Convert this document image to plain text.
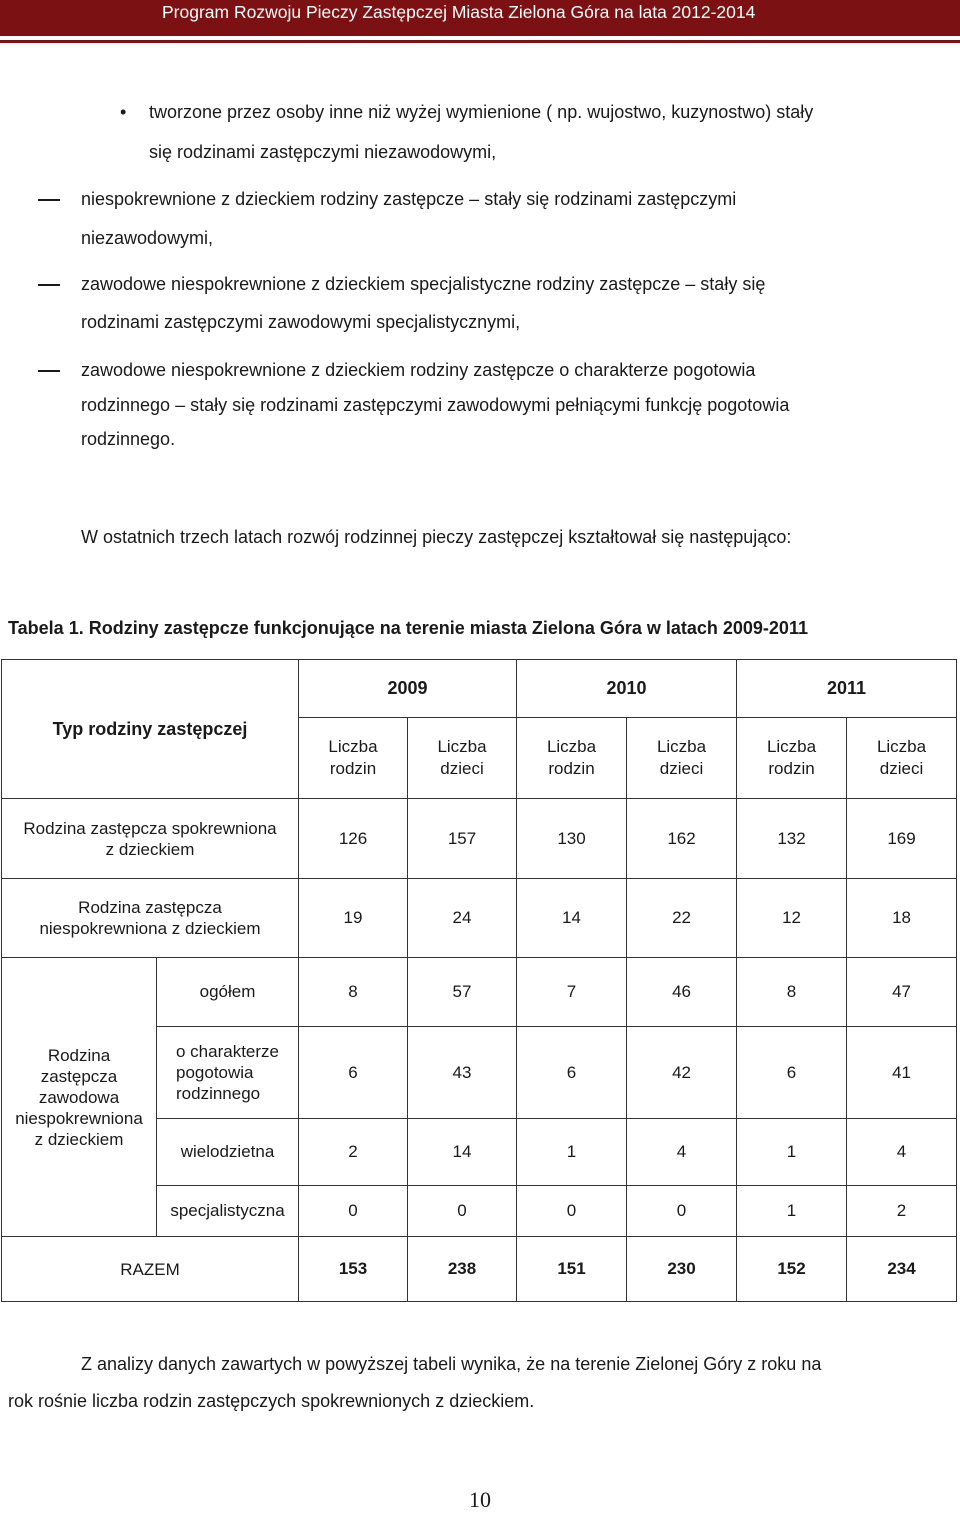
Program Rozwoju Pieczy Zastępczej Miasta Zielona Góra na lata 2012-2014
• tworzone przez osoby inne niż wyżej wymienione ( np. wujostwo, kuzynostwo) stały
się rodzinami zastępczymi niezawodowymi,
niespokrewnione z dzieckiem rodziny zastępcze – stały się rodzinami zastępczymi
niezawodowymi,
zawodowe niespokrewnione z dzieckiem specjalistyczne rodziny zastępcze – stały się
rodzinami zastępczymi zawodowymi specjalistycznymi,
zawodowe niespokrewnione z dzieckiem rodziny zastępcze o charakterze pogotowia
rodzinnego – stały się rodzinami zastępczymi zawodowymi pełniącymi funkcję pogotowia
rodzinnego.
W ostatnich trzech latach rozwój rodzinnej pieczy zastępczej kształtował się następująco:
Tabela 1. Rodziny zastępcze funkcjonujące na terenie miasta Zielona Góra w latach 2009-2011
Typ rodziny zastępczej		2009		2010		2011	

		Liczba
rodzin	Liczba
dzieci	Liczba
rodzin	Liczba
dzieci	Liczba
rodzin	Liczba
dzieci

Rodzina zastępcza spokrewniona
z dzieckiem		126	157	130	162	132	169
Rodzina zastępcza
niespokrewniona z dzieckiem		19	24	14	22	12	18
Rodzina
zastępcza
zawodowa
niespokrewniona
z dzieckiem	ogółem	8	57	7	46	8	47
	o charakterze
pogotowia
rodzinnego	6	43	6	42	6	41
	wielodzietna	2	14	1	4	1	4
	specjalistyczna	0	0	0	0	1	2
RAZEM		153	238	151	230	152	234
Z analizy danych zawartych w powyższej tabeli wynika, że na terenie Zielonej Góry z roku na
rok rośnie liczba rodzin zastępczych spokrewnionych z dzieckiem.
10
